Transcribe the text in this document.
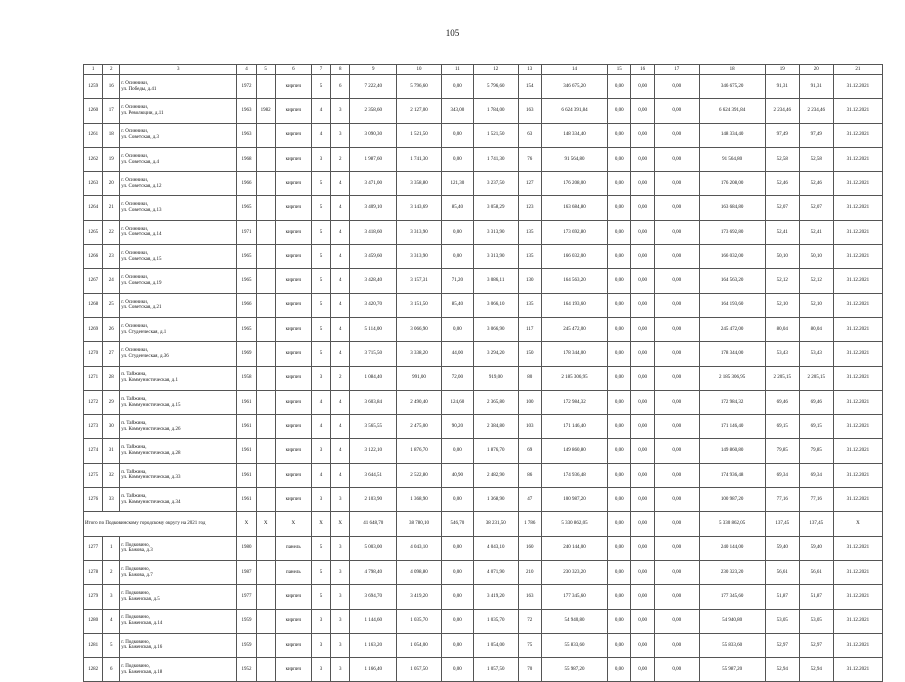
105
1	2	3	4	5	6	7	8	9	10	11	12	13	14	15	16	17	18	19	20	21
1259	16	г. Осинники,
ул. Победы, д.41	1972		кирпич	5	6	7 222,40	5 796,60	0,00	5 796,60	154	346 675,20	0,00	0,00	0,00	346 675,20	91,31	91,31	31.12.2021
1260	17	г. Осинники,
ул. Революции, д.11	1963	1982	кирпич	4	3	2 358,60	2 127,00	343,00	1 784,00	163	6 624 391,84	0,00	0,00	0,00	6 624 391,84	2 234,46	2 234,46	31.12.2021
1261	18	г. Осинники,
ул. Советская, д.3	1963		кирпич	4	3	3 090,30	1 521,50	0,00	1 521,50	63	148 334,40	0,00	0,00	0,00	148 334,40	97,49	97,49	31.12.2021
1262	19	г. Осинники,
ул. Советская, д.4	1968		кирпич	3	2	1 987,60	1 741,30	0,00	1 741,30	76	91 564,80	0,00	0,00	0,00	91 564,80	52,58	52,58	31.12.2021
1263	20	г. Осинники,
ул. Советская, д.12	1966		кирпич	5	4	3 471,00	3 358,80	121,30	3 237,50	127	176 208,00	0,00	0,00	0,00	176 208,00	52,46	52,46	31.12.2021
1264	21	г. Осинники,
ул. Советская, д.13	1965		кирпич	5	4	3 409,10	3 143,69	85,40	3 058,29	123	163 684,80	0,00	0,00	0,00	163 684,80	52,07	52,07	31.12.2021
1265	22	г. Осинники,
ул. Советская, д.14	1971		кирпич	5	4	3 418,60	3 313,90	0,00	3 313,90	135	173 692,80	0,00	0,00	0,00	173 692,80	52,41	52,41	31.12.2021
1266	23	г. Осинники,
ул. Советская, д.15	1965		кирпич	5	4	3 459,60	3 313,90	0,00	3 313,90	135	166 032,00	0,00	0,00	0,00	166 032,00	50,10	50,10	31.12.2021
1267	24	г. Осинники,
ул. Советская, д.19	1965		кирпич	5	4	3 428,40	3 157,31	71,20	3 086,11	130	164 563,20	0,00	0,00	0,00	164 563,20	52,12	52,12	31.12.2021
1268	25	г. Осинники,
ул. Советская, д.21	1966		кирпич	5	4	3 420,70	3 151,50	85,40	3 066,10	135	164 193,60	0,00	0,00	0,00	164 193,60	52,10	52,10	31.12.2021
1269	26	г. Осинники,
ул. Студенческая, д.1	1965		кирпич	5	4	5 114,00	3 066,90	0,00	3 066,90	117	245 472,00	0,00	0,00	0,00	245 472,00	80,04	80,04	31.12.2021
1270	27	г. Осинники,
ул. Студенческая, д.36	1969		кирпич	5	4	3 715,50	3 338,20	44,00	3 294,20	150	178 344,00	0,00	0,00	0,00	178 344,00	53,43	53,43	31.12.2021
1271	28	п. Тайжина,
ул. Коммунистическая, д.1	1958		кирпич	3	2	1 084,40	991,00	72,00	919,00	80	2 185 306,95	0,00	0,00	0,00	2 185 306,95	2 205,15	2 205,15	31.12.2021
1272	29	п. Тайжина,
ул. Коммунистическая, д.15	1961		кирпич	4	4	3 603,84	2 490,40	124,60	2 365,80	100	172 984,32	0,00	0,00	0,00	172 984,32	69,46	69,46	31.12.2021
1273	30	п. Тайжина,
ул. Коммунистическая, д.26	1961		кирпич	4	4	3 565,55	2 475,00	90,20	2 384,80	103	171 146,40	0,00	0,00	0,00	171 146,40	69,15	69,15	31.12.2021
1274	31	п. Тайжина,
ул. Коммунистическая, д.28	1961		кирпич	3	4	3 122,10	1 876,70	0,00	1 876,70	69	149 860,80	0,00	0,00	0,00	149 860,80	79,85	79,85	31.12.2021
1275	32	п. Тайжина,
ул. Коммунистическая, д.33	1961		кирпич	4	4	3 644,51	2 522,80	40,90	2 482,90	86	174 936,48	0,00	0,00	0,00	174 936,48	69,34	69,34	31.12.2021
1276	33	п. Тайжина,
ул. Коммунистическая, д.34	1961		кирпич	3	3	2 103,90	1 368,90	0,00	1 368,90	47	100 987,20	0,00	0,00	0,00	100 987,20	77,16	77,16	31.12.2021
Итого по Подковинскому городскому округу на 2021 год			X	X	X	X	X	41 648,70	38 780,10	546,70	38 231,50	1 786	5 330 862,05	0,00	0,00	0,00	5 330 862,05	137,45	137,45	X
1277	1	г. Подковино,
ул. Бажова, д.3	1980		панель	5	3	5 003,00	4 043,10	0,00	4 043,10	160	240 144,00	0,00	0,00	0,00	240 144,00	59,40	59,40	31.12.2021
1278	2	г. Подковино,
ул. Бажова, д.7	1987		панель	5	3	4 798,40	4 098,80	0,00	4 071,90	210	230 323,20	0,00	0,00	0,00	230 323,20	56,61	56,61	31.12.2021
1279	3	г. Подковино,
ул. Баженская, д.5	1977		кирпич	5	3	3 694,70	3 419,20	0,00	3 419,20	163	177 345,60	0,00	0,00	0,00	177 345,60	51,87	51,87	31.12.2021
1280	4	г. Подковино,
ул. Баженская, д.14	1959		кирпич	3	3	1 144,60	1 035,70	0,00	1 035,70	72	54 940,80	0,00	0,00	0,00	54 940,80	53,05	53,05	31.12.2021
1281	5	г. Подковино,
ул. Баженская, д.16	1959		кирпич	3	3	1 163,20	1 054,00	0,00	1 054,00	75	55 833,60	0,00	0,00	0,00	55 833,60	52,97	52,97	31.12.2021
1282	6	г. Подковино,
ул. Баженская, д.18	1952		кирпич	3	3	1 166,40	1 057,50	0,00	1 057,50	70	55 987,20	0,00	0,00	0,00	55 987,20	52,94	52,94	31.12.2021
